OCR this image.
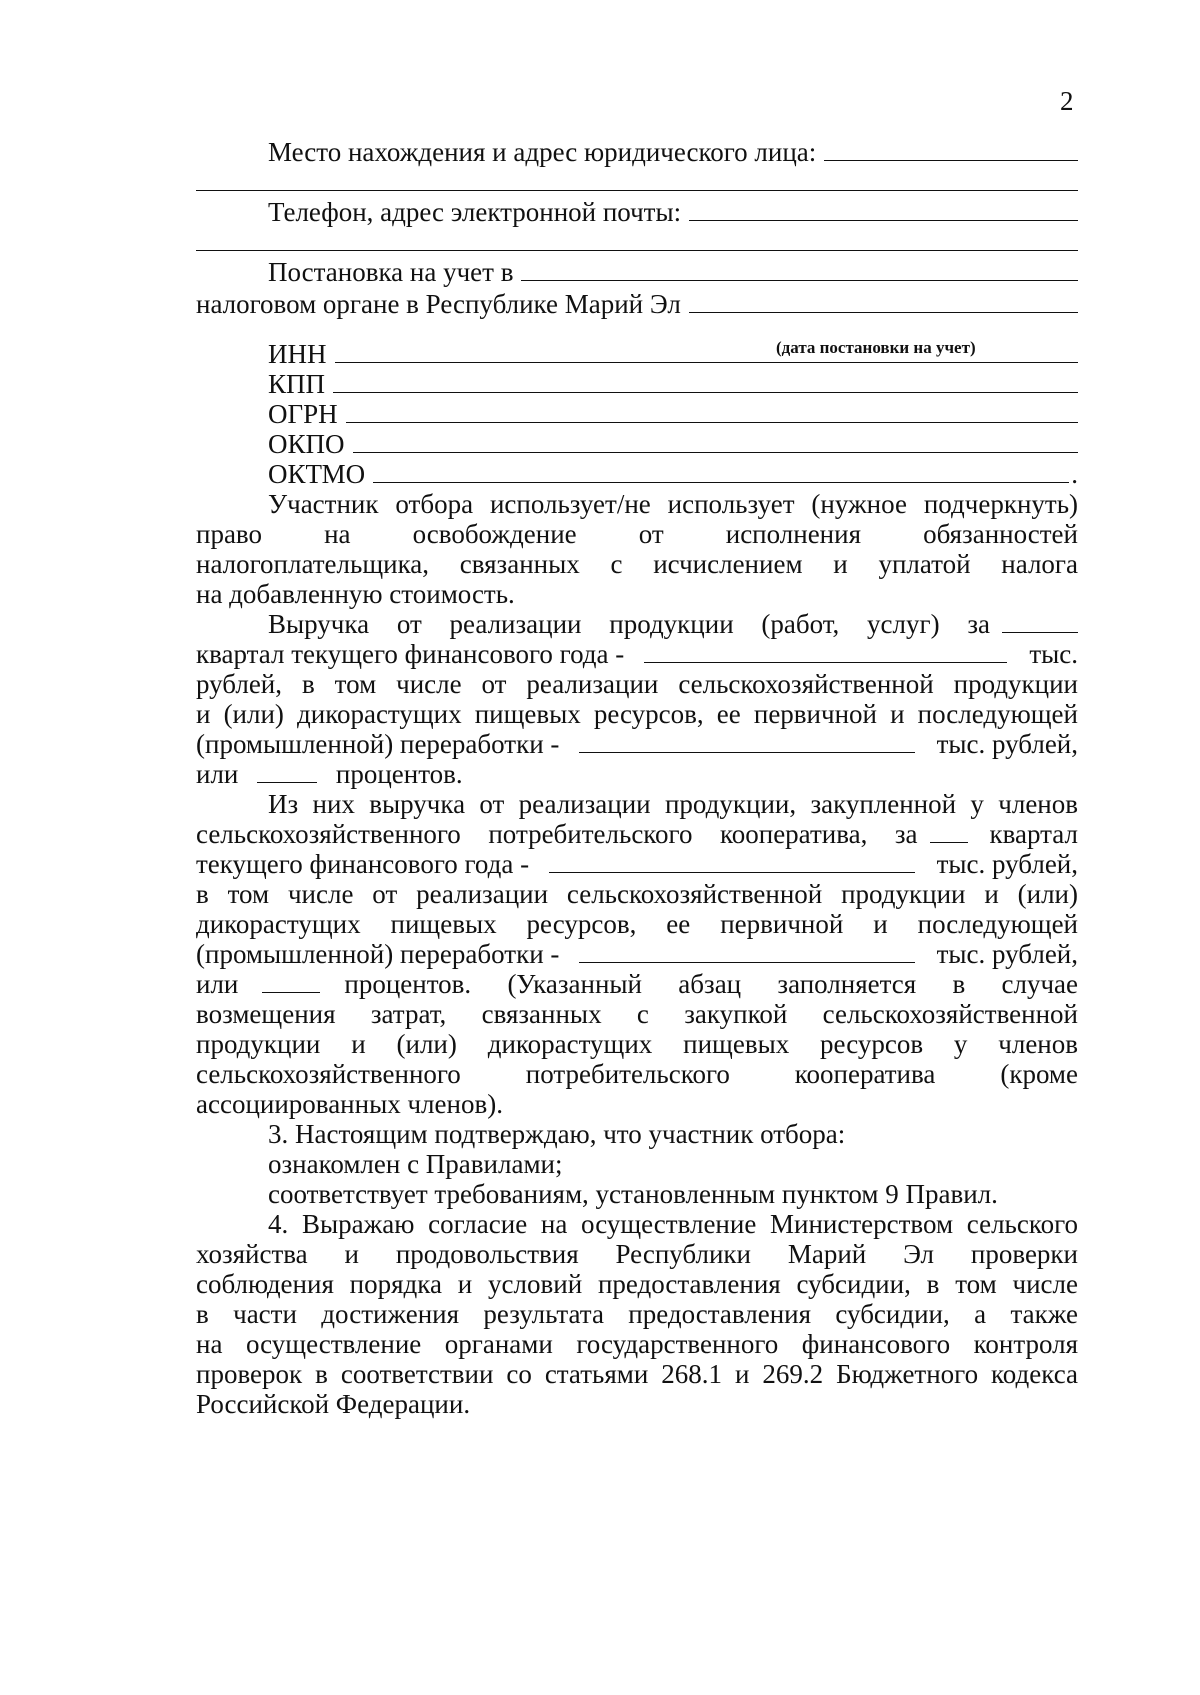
2
Место нахождения и адрес юридического лица:
Телефон, адрес электронной почты:
Постановка на учет в
налоговом органе в Республике Марий Эл
(дата постановки на учет)
ИНН
КПП
ОГРН
ОКПО
ОКТМО	.
Участник отбора использует/не использует (нужное подчеркнуть)
право на освобождение от исполнения обязанностей
налогоплательщика, связанных с исчислением и уплатой налога
на добавленную стоимость.
Выручка от реализации продукции (работ, услуг) за
квартал текущего финансового года -	тыс.
рублей, в том числе от реализации сельскохозяйственной продукции
и (или) дикорастущих пищевых ресурсов, ее первичной и последующей
(промышленной) переработки -	тыс. рублей,
или	процентов.
Из них выручка от реализации продукции, закупленной у членов
сельскохозяйственного потребительского кооператива, за	квартал
текущего финансового года -	тыс. рублей,
в том числе от реализации сельскохозяйственной продукции и (или)
дикорастущих пищевых ресурсов, ее первичной и последующей
(промышленной) переработки -	тыс. рублей,
или	процентов. (Указанный абзац заполняется в случае
возмещения затрат, связанных с закупкой сельскохозяйственной
продукции и (или) дикорастущих пищевых ресурсов у членов
сельскохозяйственного потребительского кооператива (кроме
ассоциированных членов).
3. Настоящим подтверждаю, что участник отбора:
ознакомлен с Правилами;
соответствует требованиям, установленным пунктом 9 Правил.
4. Выражаю согласие на осуществление Министерством сельского
хозяйства и продовольствия Республики Марий Эл проверки
соблюдения порядка и условий предоставления субсидии, в том числе
в части достижения результата предоставления субсидии, а также
на осуществление органами государственного финансового контроля
проверок в соответствии со статьями 268.1 и 269.2 Бюджетного кодекса
Российской Федерации.
